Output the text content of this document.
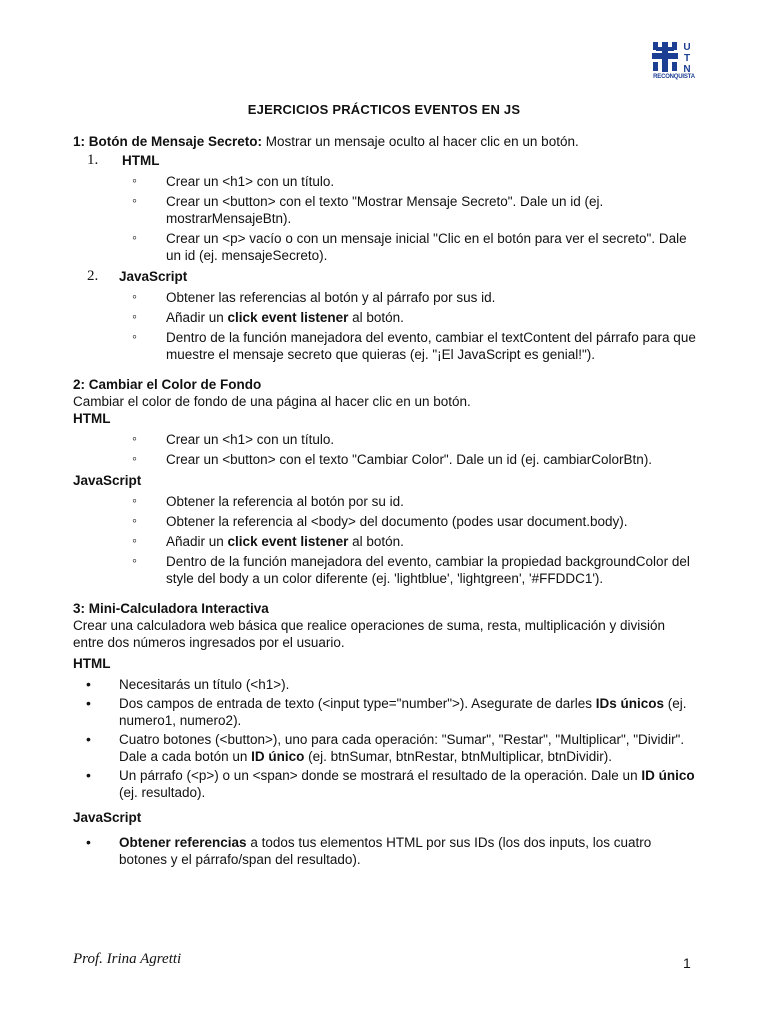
U
T
N
RECONQUISTA
EJERCICIOS PRÁCTICOS EVENTOS EN JS

1: Botón de Mensaje Secreto: Mostrar un mensaje oculto al hacer clic en un botón.

1. HTML
◦ Crear un <h1> con un título.
◦ Crear un <button> con el texto "Mostrar Mensaje Secreto". Dale un id (ej. mostrarMensajeBtn).
◦ Crear un <p> vacío o con un mensaje inicial "Clic en el botón para ver el secreto". Dale un id (ej. mensajeSecreto).
2. JavaScript
◦ Obtener las referencias al botón y al párrafo por sus id.
◦ Añadir un click event listener al botón.
◦ Dentro de la función manejadora del evento, cambiar el textContent del párrafo para que muestre el mensaje secreto que quieras (ej. "¡El JavaScript es genial!").

2: Cambiar el Color de Fondo

Cambiar el color de fondo de una página al hacer clic en un botón.

HTML

◦ Crear un <h1> con un título.
◦ Crear un <button> con el texto "Cambiar Color". Dale un id (ej. cambiarColorBtn).

JavaScript

◦ Obtener la referencia al botón por su id.
◦ Obtener la referencia al <body> del documento (podes usar document.body).
◦ Añadir un click event listener al botón.
◦ Dentro de la función manejadora del evento, cambiar la propiedad backgroundColor del style del body a un color diferente (ej. 'lightblue', 'lightgreen', '#FFDDC1').

3: Mini-Calculadora Interactiva

Crear una calculadora web básica que realice operaciones de suma, resta, multiplicación y división entre dos números ingresados por el usuario.

HTML

• Necesitarás un título (<h1>).
• Dos campos de entrada de texto (<input type="number">). Asegurate de darles IDs únicos (ej. numero1, numero2).
• Cuatro botones (<button>), uno para cada operación: "Sumar", "Restar", "Multiplicar", "Dividir". Dale a cada botón un ID único (ej. btnSumar, btnRestar, btnMultiplicar, btnDividir).
• Un párrafo (<p>) o un <span> donde se mostrará el resultado de la operación. Dale un ID único (ej. resultado).

JavaScript

• Obtener referencias a todos tus elementos HTML por sus IDs (los dos inputs, los cuatro botones y el párrafo/span del resultado).
Prof. Irina Agretti	1
